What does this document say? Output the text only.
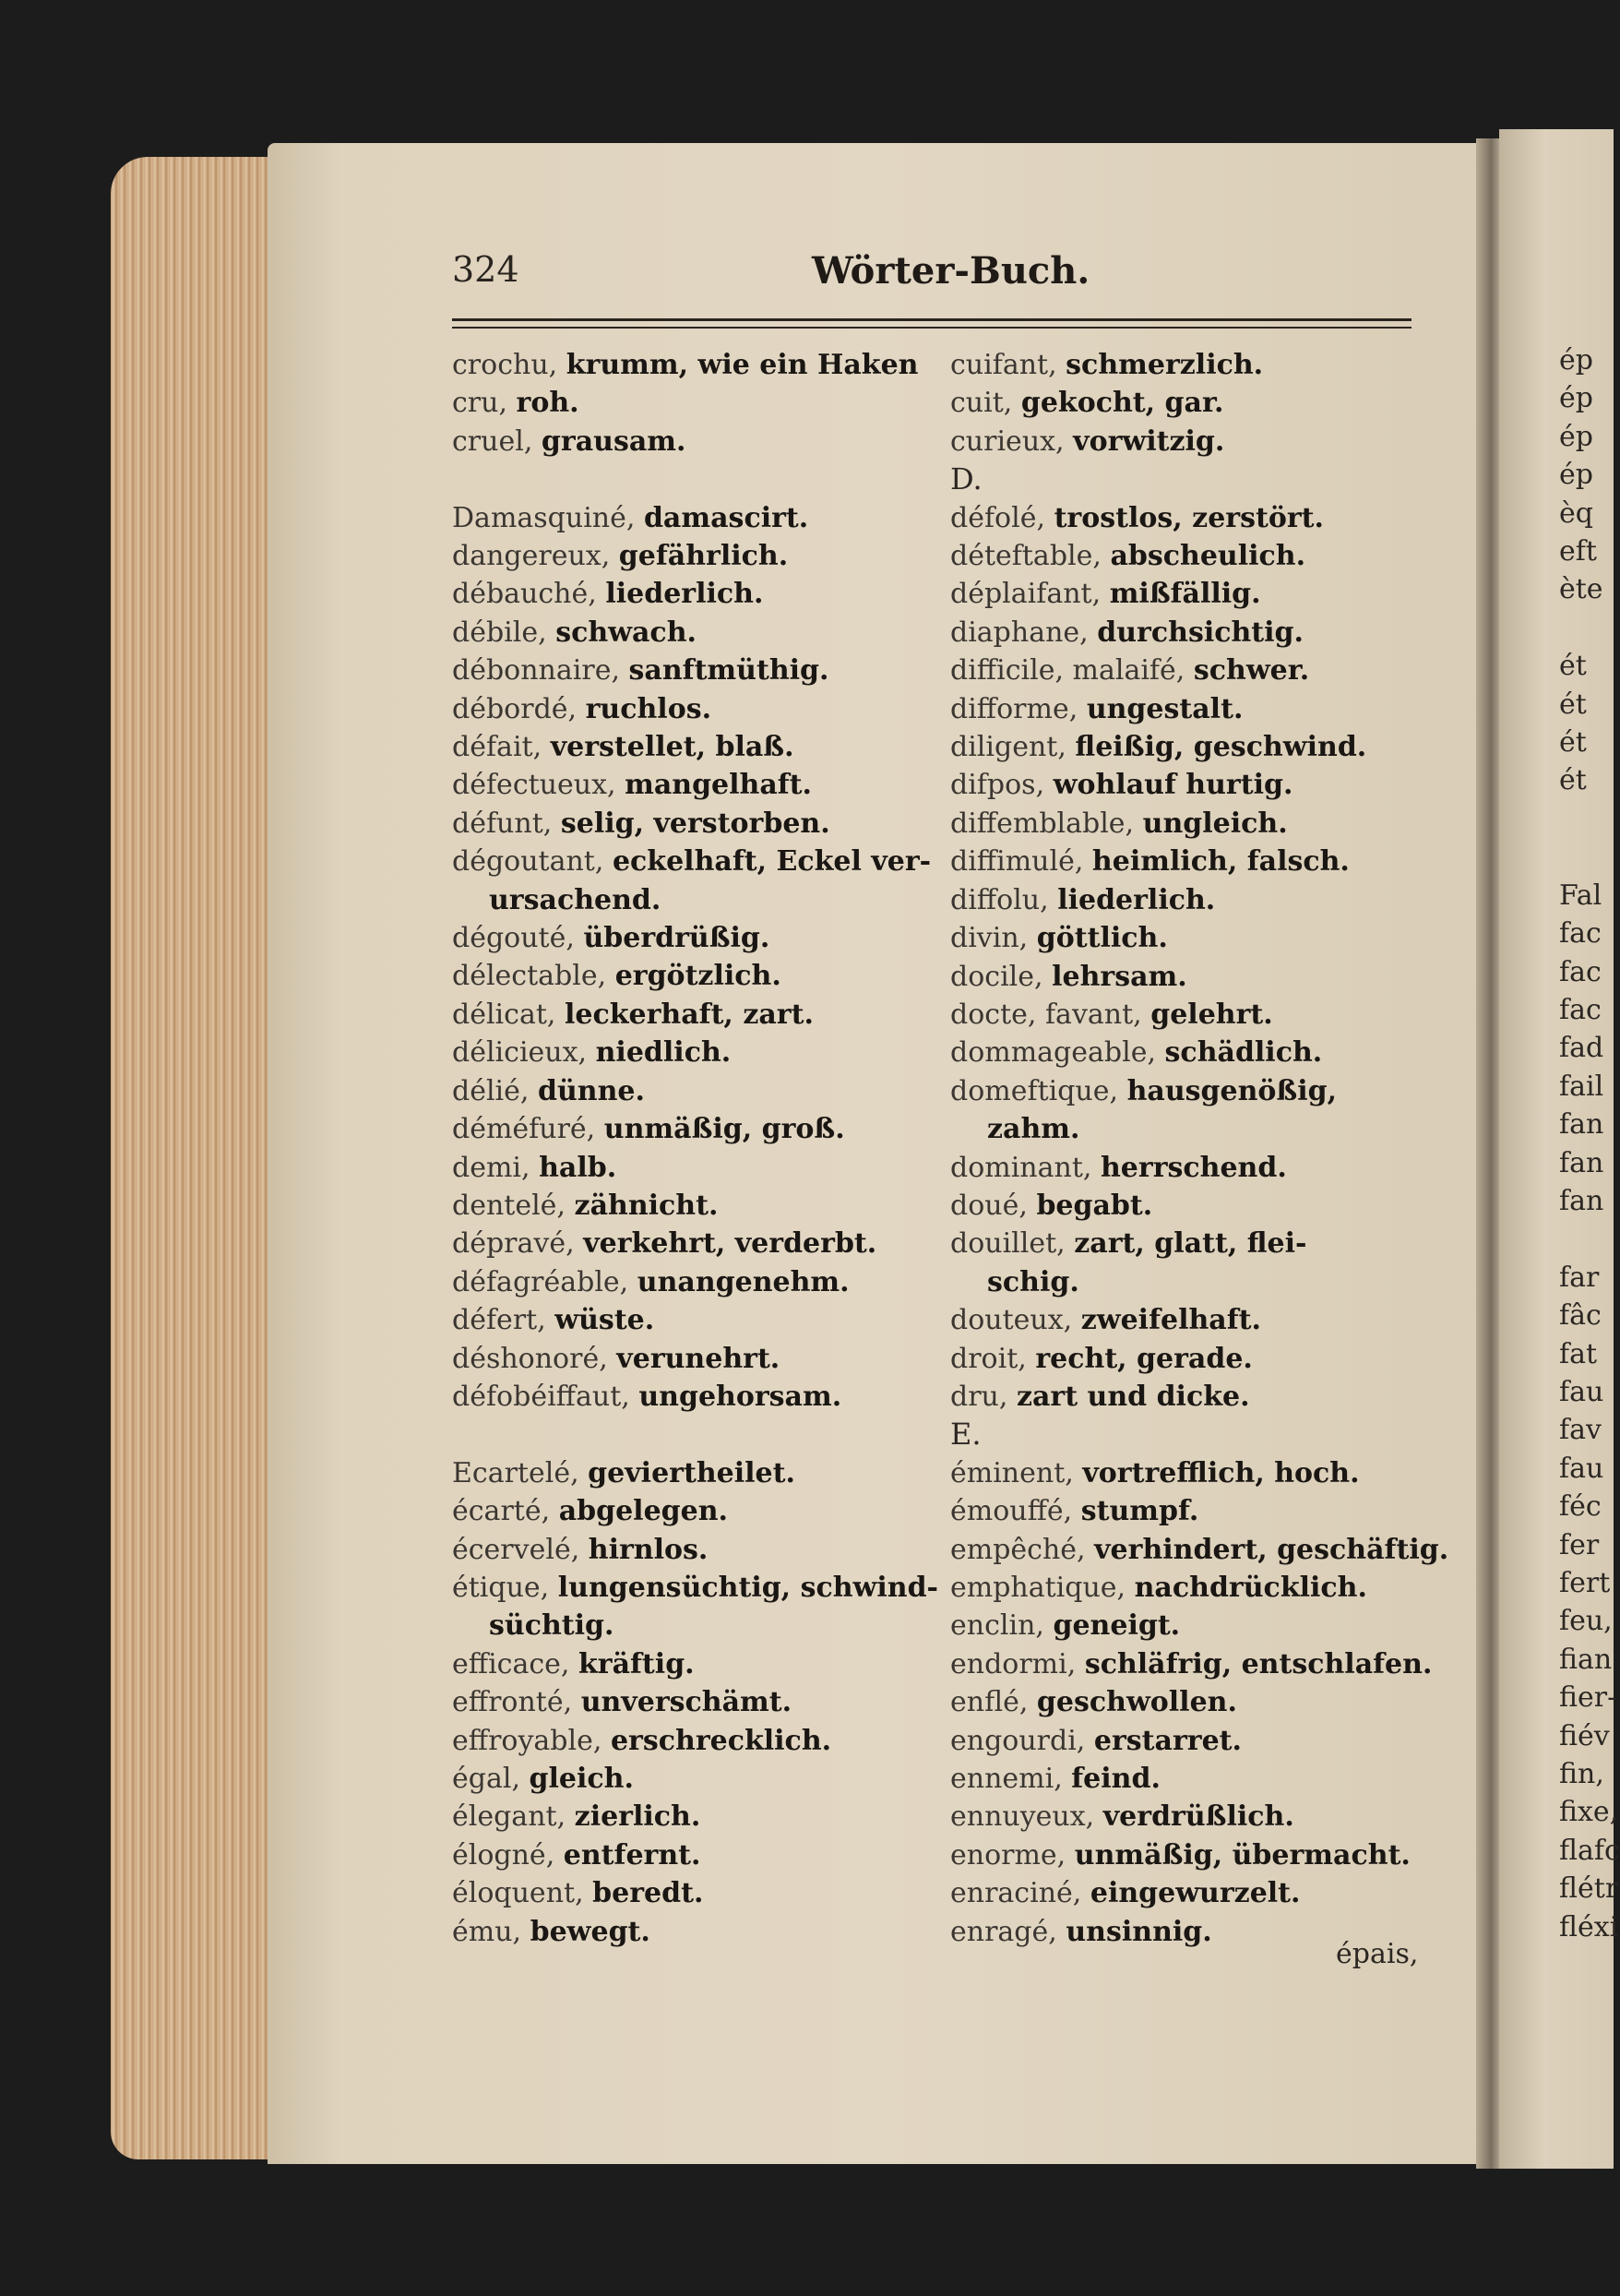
324	Wörter-Buch.
crochu, krumm, wie ein Haken
cru, roh.
cruel, grausam.
Damasquiné, damascirt.
dangereux, gefährlich.
débauché, liederlich.
débile, schwach.
débonnaire, sanftmüthig.
débordé, ruchlos.
défait, verstellet, blaß.
défectueux, mangelhaft.
défunt, selig, verstorben.
dégoutant, eckelhaft, Eckel ver-
ursachend.
dégouté, überdrüßig.
délectable, ergötzlich.
délicat, leckerhaft, zart.
délicieux, niedlich.
délié, dünne.
déméfuré, unmäßig, groß.
demi, halb.
dentelé, zähnicht.
dépravé, verkehrt, verderbt.
défagréable, unangenehm.
défert, wüste.
déshonoré, verunehrt.
défobéiffaut, ungehorsam.
Ecartelé, geviertheilet.
écarté, abgelegen.
écervelé, hirnlos.
étique, lungensüchtig, schwind-
süchtig.
efficace, kräftig.
effronté, unverschämt.
effroyable, erschrecklich.
égal, gleich.
élegant, zierlich.
élogné, entfernt.
éloquent, beredt.
ému, bewegt.
cuifant, schmerzlich.
cuit, gekocht, gar.
curieux, vorwitzig.
D.
défolé, trostlos, zerstört.
déteftable, abscheulich.
déplaifant, mißfällig.
diaphane, durchsichtig.
difficile, malaifé, schwer.
difforme, ungestalt.
diligent, fleißig, geschwind.
difpos, wohlauf hurtig.
diffemblable, ungleich.
diffimulé, heimlich, falsch.
diffolu, liederlich.
divin, göttlich.
docile, lehrsam.
docte, favant, gelehrt.
dommageable, schädlich.
domeftique, hausgenößig,
zahm.
dominant, herrschend.
doué, begabt.
douillet, zart, glatt, flei-
schig.
douteux, zweifelhaft.
droit, recht, gerade.
dru, zart und dicke.
E.
éminent, vortrefflich, hoch.
émouffé, stumpf.
empêché, verhindert, geschäftig.
emphatique, nachdrücklich.
enclin, geneigt.
endormi, schläfrig, entschlafen.
enflé, geschwollen.
engourdi, erstarret.
ennemi, feind.
ennuyeux, verdrüßlich.
enorme, unmäßig, übermacht.
enraciné, eingewurzelt.
enragé, unsinnig.
épais,
ép
ép
ép
ép
èq
eft
ète

ét
ét
ét
ét

Fal
fac
fac
fac
fad
fail
fan
fan
fan

far
fâc
fat
fau
fav
fau
féc
fer
fert
feu,
fian
fier-
fiév
fin,
fixe,
flafc
flétr
fléxi
